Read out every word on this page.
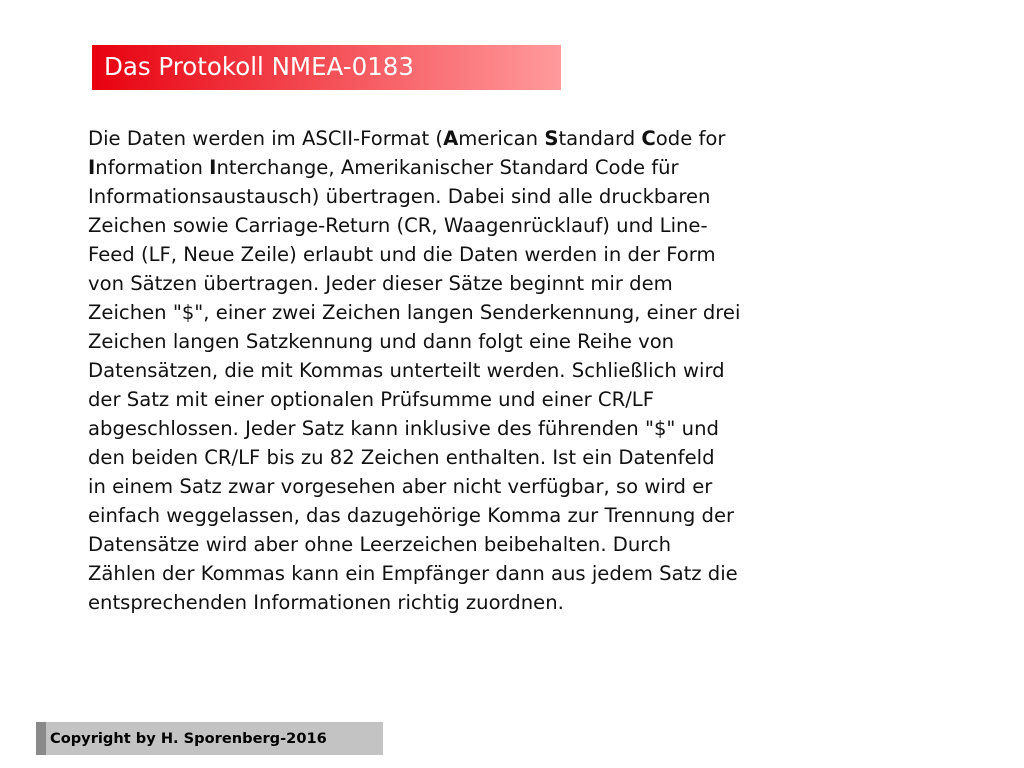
Das Protokoll NMEA-0183
Die Daten werden im ASCII-Format (American Standard Code for
Information Interchange, Amerikanischer Standard Code für
Informationsaustausch) übertragen. Dabei sind alle druckbaren
Zeichen sowie Carriage-Return (CR, Waagenrücklauf) und Line-
Feed (LF, Neue Zeile) erlaubt und die Daten werden in der Form
von Sätzen übertragen. Jeder dieser Sätze beginnt mir dem
Zeichen "$", einer zwei Zeichen langen Senderkennung, einer drei
Zeichen langen Satzkennung und dann folgt eine Reihe von
Datensätzen, die mit Kommas unterteilt werden. Schließlich wird
der Satz mit einer optionalen Prüfsumme und einer CR/LF
abgeschlossen. Jeder Satz kann inklusive des führenden "$" und
den beiden CR/LF bis zu 82 Zeichen enthalten. Ist ein Datenfeld
in einem Satz zwar vorgesehen aber nicht verfügbar, so wird er
einfach weggelassen, das dazugehörige Komma zur Trennung der
Datensätze wird aber ohne Leerzeichen beibehalten. Durch
Zählen der Kommas kann ein Empfänger dann aus jedem Satz die
entsprechenden Informationen richtig zuordnen.
Copyright by H. Sporenberg-2016
